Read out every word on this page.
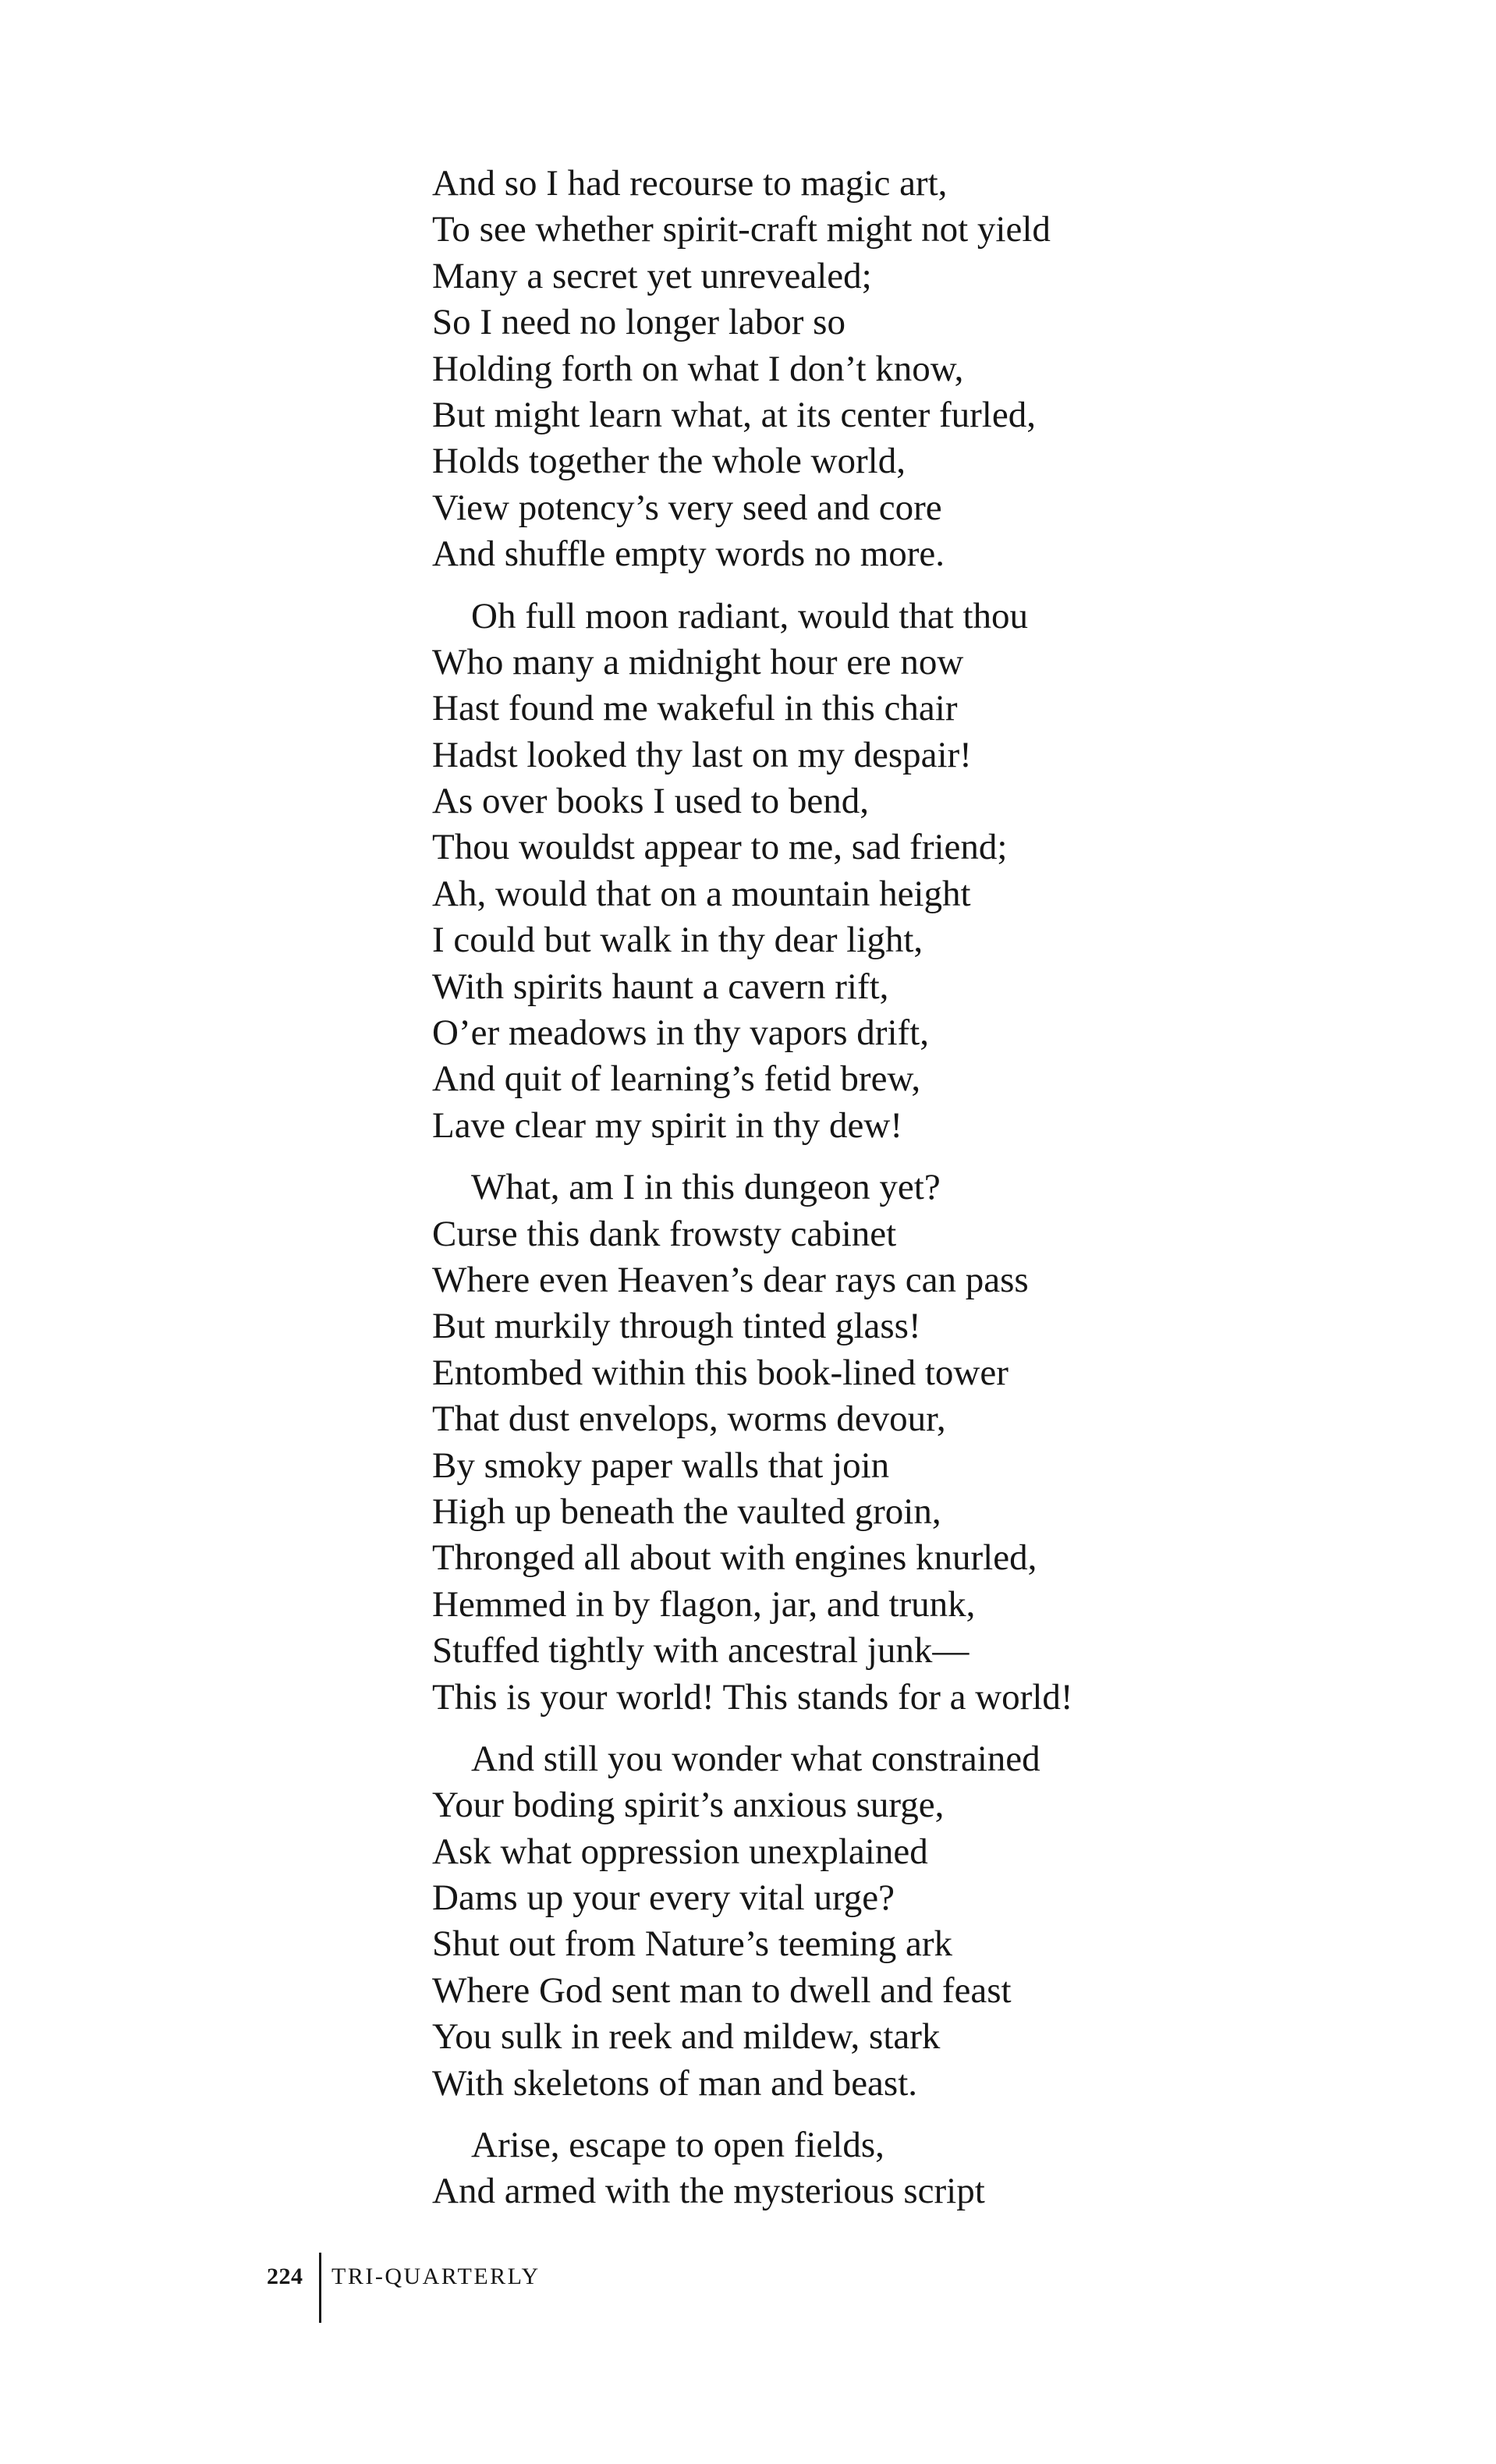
And so I had recourse to magic art,
To see whether spirit-craft might not yield
Many a secret yet unrevealed;
So I need no longer labor so
Holding forth on what I don’t know,
But might learn what, at its center furled,
Holds together the whole world,
View potency’s very seed and core
And shuffle empty words no more.
Oh full moon radiant, would that thou
Who many a midnight hour ere now
Hast found me wakeful in this chair
Hadst looked thy last on my despair!
As over books I used to bend,
Thou wouldst appear to me, sad friend;
Ah, would that on a mountain height
I could but walk in thy dear light,
With spirits haunt a cavern rift,
O’er meadows in thy vapors drift,
And quit of learning’s fetid brew,
Lave clear my spirit in thy dew!
What, am I in this dungeon yet?
Curse this dank frowsty cabinet
Where even Heaven’s dear rays can pass
But murkily through tinted glass!
Entombed within this book-lined tower
That dust envelops, worms devour,
By smoky paper walls that join
High up beneath the vaulted groin,
Thronged all about with engines knurled,
Hemmed in by flagon, jar, and trunk,
Stuffed tightly with ancestral junk—
This is your world! This stands for a world!
And still you wonder what constrained
Your boding spirit’s anxious surge,
Ask what oppression unexplained
Dams up your every vital urge?
Shut out from Nature’s teeming ark
Where God sent man to dwell and feast
You sulk in reek and mildew, stark
With skeletons of man and beast.
Arise, escape to open fields,
And armed with the mysterious script
224 TRI-QUARTERLY
